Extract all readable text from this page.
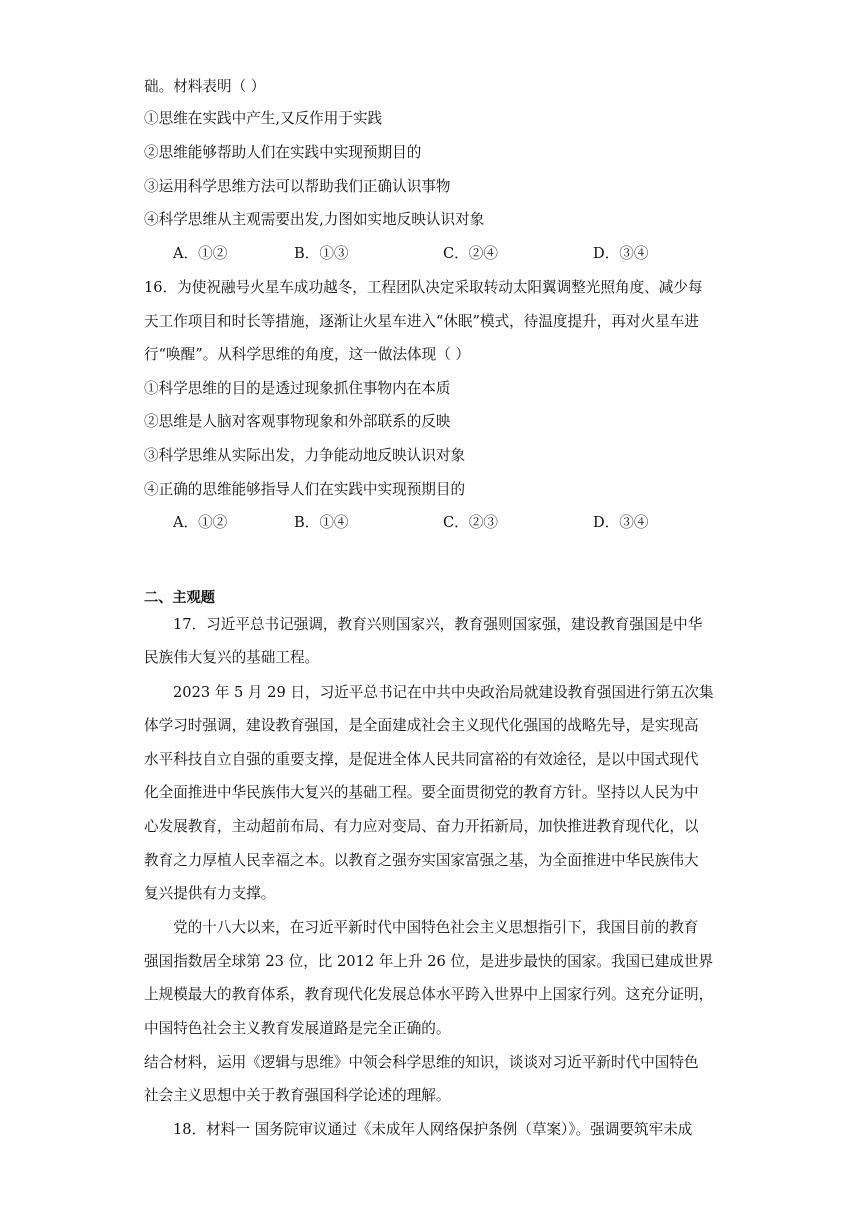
础。材料表明（ ）
①思维在实践中产生,又反作用于实践
②思维能够帮助人们在实践中实现预期目的
③运用科学思维方法可以帮助我们正确认识事物
④科学思维从主观需要出发,力图如实地反映认识对象
A．①②	B．①③	C．②④	D．③④
16．为使祝融号火星车成功越冬，工程团队决定采取转动太阳翼调整光照角度、减少每
天工作项目和时长等措施，逐渐让火星车进入“休眠”模式，待温度提升，再对火星车进
行“唤醒”。从科学思维的角度，这一做法体现（ ）
①科学思维的目的是透过现象抓住事物内在本质
②思维是人脑对客观事物现象和外部联系的反映
③科学思维从实际出发，力争能动地反映认识对象
④正确的思维能够指导人们在实践中实现预期目的
A．①②	B．①④	C．②③	D．③④
二、主观题
17．习近平总书记强调，教育兴则国家兴，教育强则国家强，建设教育强国是中华
民族伟大复兴的基础工程。
2023 年 5 月 29 日，习近平总书记在中共中央政治局就建设教育强国进行第五次集
体学习时强调，建设教育强国，是全面建成社会主义现代化强国的战略先导，是实现高
水平科技自立自强的重要支撑，是促进全体人民共同富裕的有效途径，是以中国式现代
化全面推进中华民族伟大复兴的基础工程。要全面贯彻党的教育方针。坚持以人民为中
心发展教育，主动超前布局、有力应对变局、奋力开拓新局，加快推进教育现代化，以
教育之力厚植人民幸福之本。以教育之强夯实国家富强之基，为全面推进中华民族伟大
复兴提供有力支撑。
党的十八大以来，在习近平新时代中国特色社会主义思想指引下，我国目前的教育
强国指数居全球第 23 位，比 2012 年上升 26 位，是进步最快的国家。我国已建成世界
上规模最大的教育体系，教育现代化发展总体水平跨入世界中上国家行列。这充分证明，
中国特色社会主义教育发展道路是完全正确的。
结合材料，运用《逻辑与思维》中领会科学思维的知识，谈谈对习近平新时代中国特色
社会主义思想中关于教育强国科学论述的理解。
18．材料一 国务院审议通过《未成年人网络保护条例（草案）》。强调要筑牢未成
